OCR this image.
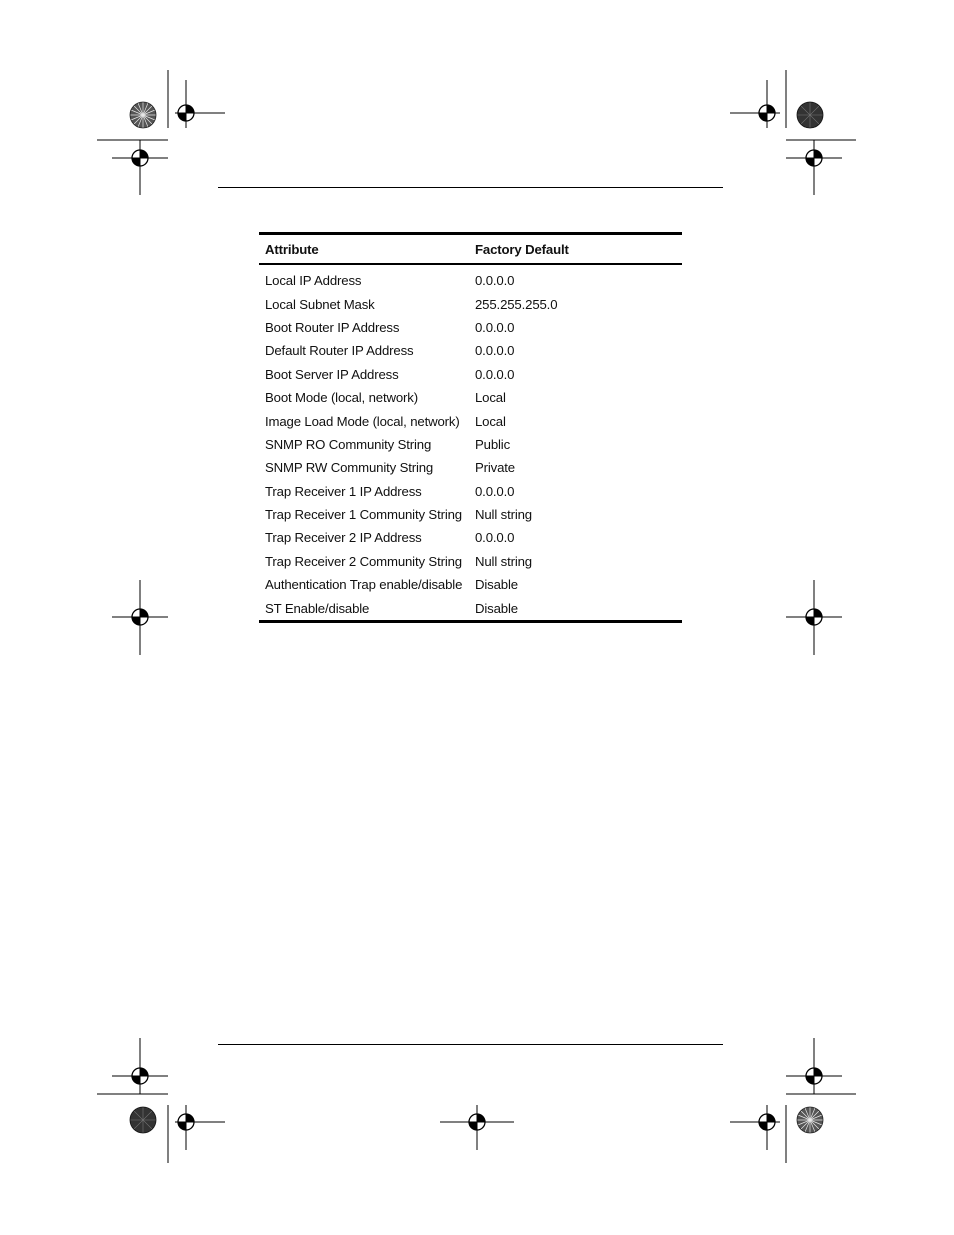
Attribute	Factory Default

Local IP Address	0.0.0.0
Local Subnet Mask	255.255.255.0
Boot Router IP Address	0.0.0.0
Default Router IP Address	0.0.0.0
Boot Server IP Address	0.0.0.0
Boot Mode (local, network)	Local
Image Load Mode (local, network)	Local
SNMP RO Community String	Public
SNMP RW Community String	Private
Trap Receiver 1 IP Address	0.0.0.0
Trap Receiver 1 Community String	Null string
Trap Receiver 2 IP Address	0.0.0.0
Trap Receiver 2 Community String	Null string
Authentication Trap enable/disable	Disable
ST Enable/disable	Disable
